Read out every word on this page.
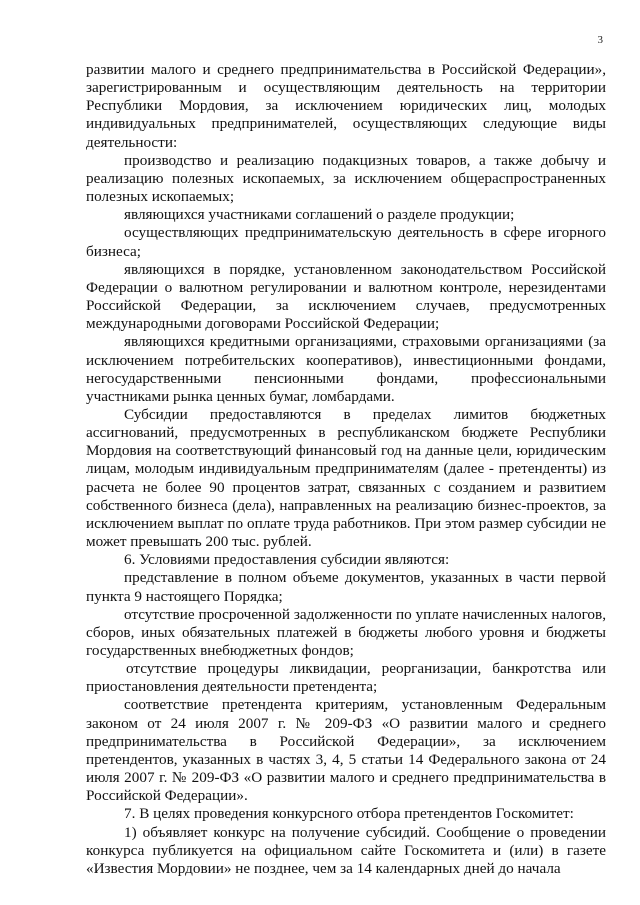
3

развитии малого и среднего предпринимательства в Российской Федерации», зарегистрированным и осуществляющим деятельность на территории Республики Мордовия, за исключением юридических лиц, молодых индивидуальных предпринимателей, осуществляющих следующие виды деятельности:

производство и реализацию подакцизных товаров, а также добычу и реализацию полезных ископаемых, за исключением общераспространенных полезных ископаемых;

являющихся участниками соглашений о разделе продукции;

осуществляющих предпринимательскую деятельность в сфере игорного бизнеса;

являющихся в порядке, установленном законодательством Российской Федерации о валютном регулировании и валютном контроле, нерезидентами Российской Федерации, за исключением случаев, предусмотренных международными договорами Российской Федерации;

являющихся кредитными организациями, страховыми организациями (за исключением потребительских кооперативов), инвестиционными фондами, негосударственными пенсионными фондами, профессиональными участниками рынка ценных бумаг, ломбардами.

Субсидии предоставляются в пределах лимитов бюджетных ассигнований, предусмотренных в республиканском бюджете Республики Мордовия на соответствующий финансовый год на данные цели, юридическим лицам, молодым индивидуальным предпринимателям (далее - претенденты) из расчета не более 90 процентов затрат, связанных с созданием и развитием собственного бизнеса (дела), направленных на реализацию бизнес-проектов, за исключением выплат по оплате труда работников. При этом размер субсидии не может превышать 200 тыс. рублей.

6. Условиями предоставления субсидии являются:

представление в полном объеме документов, указанных в части первой пункта 9 настоящего Порядка;

отсутствие просроченной задолженности по уплате начисленных налогов, сборов, иных обязательных платежей в бюджеты любого уровня и бюджеты государственных внебюджетных фондов;

отсутствие процедуры ликвидации, реорганизации, банкротства или приостановления деятельности претендента;

соответствие претендента критериям, установленным Федеральным законом от 24 июля 2007 г. № 209-ФЗ «О развитии малого и среднего предпринимательства в Российской Федерации», за исключением претендентов, указанных в частях 3, 4, 5 статьи 14 Федерального закона от 24 июля 2007 г. № 209-ФЗ «О развитии малого и среднего предпринимательства в Российской Федерации».

7. В целях проведения конкурсного отбора претендентов Госкомитет:

1) объявляет конкурс на получение субсидий. Сообщение о проведении конкурса публикуется на официальном сайте Госкомитета и (или) в газете «Известия Мордовии» не позднее, чем за 14 календарных дней до начала
